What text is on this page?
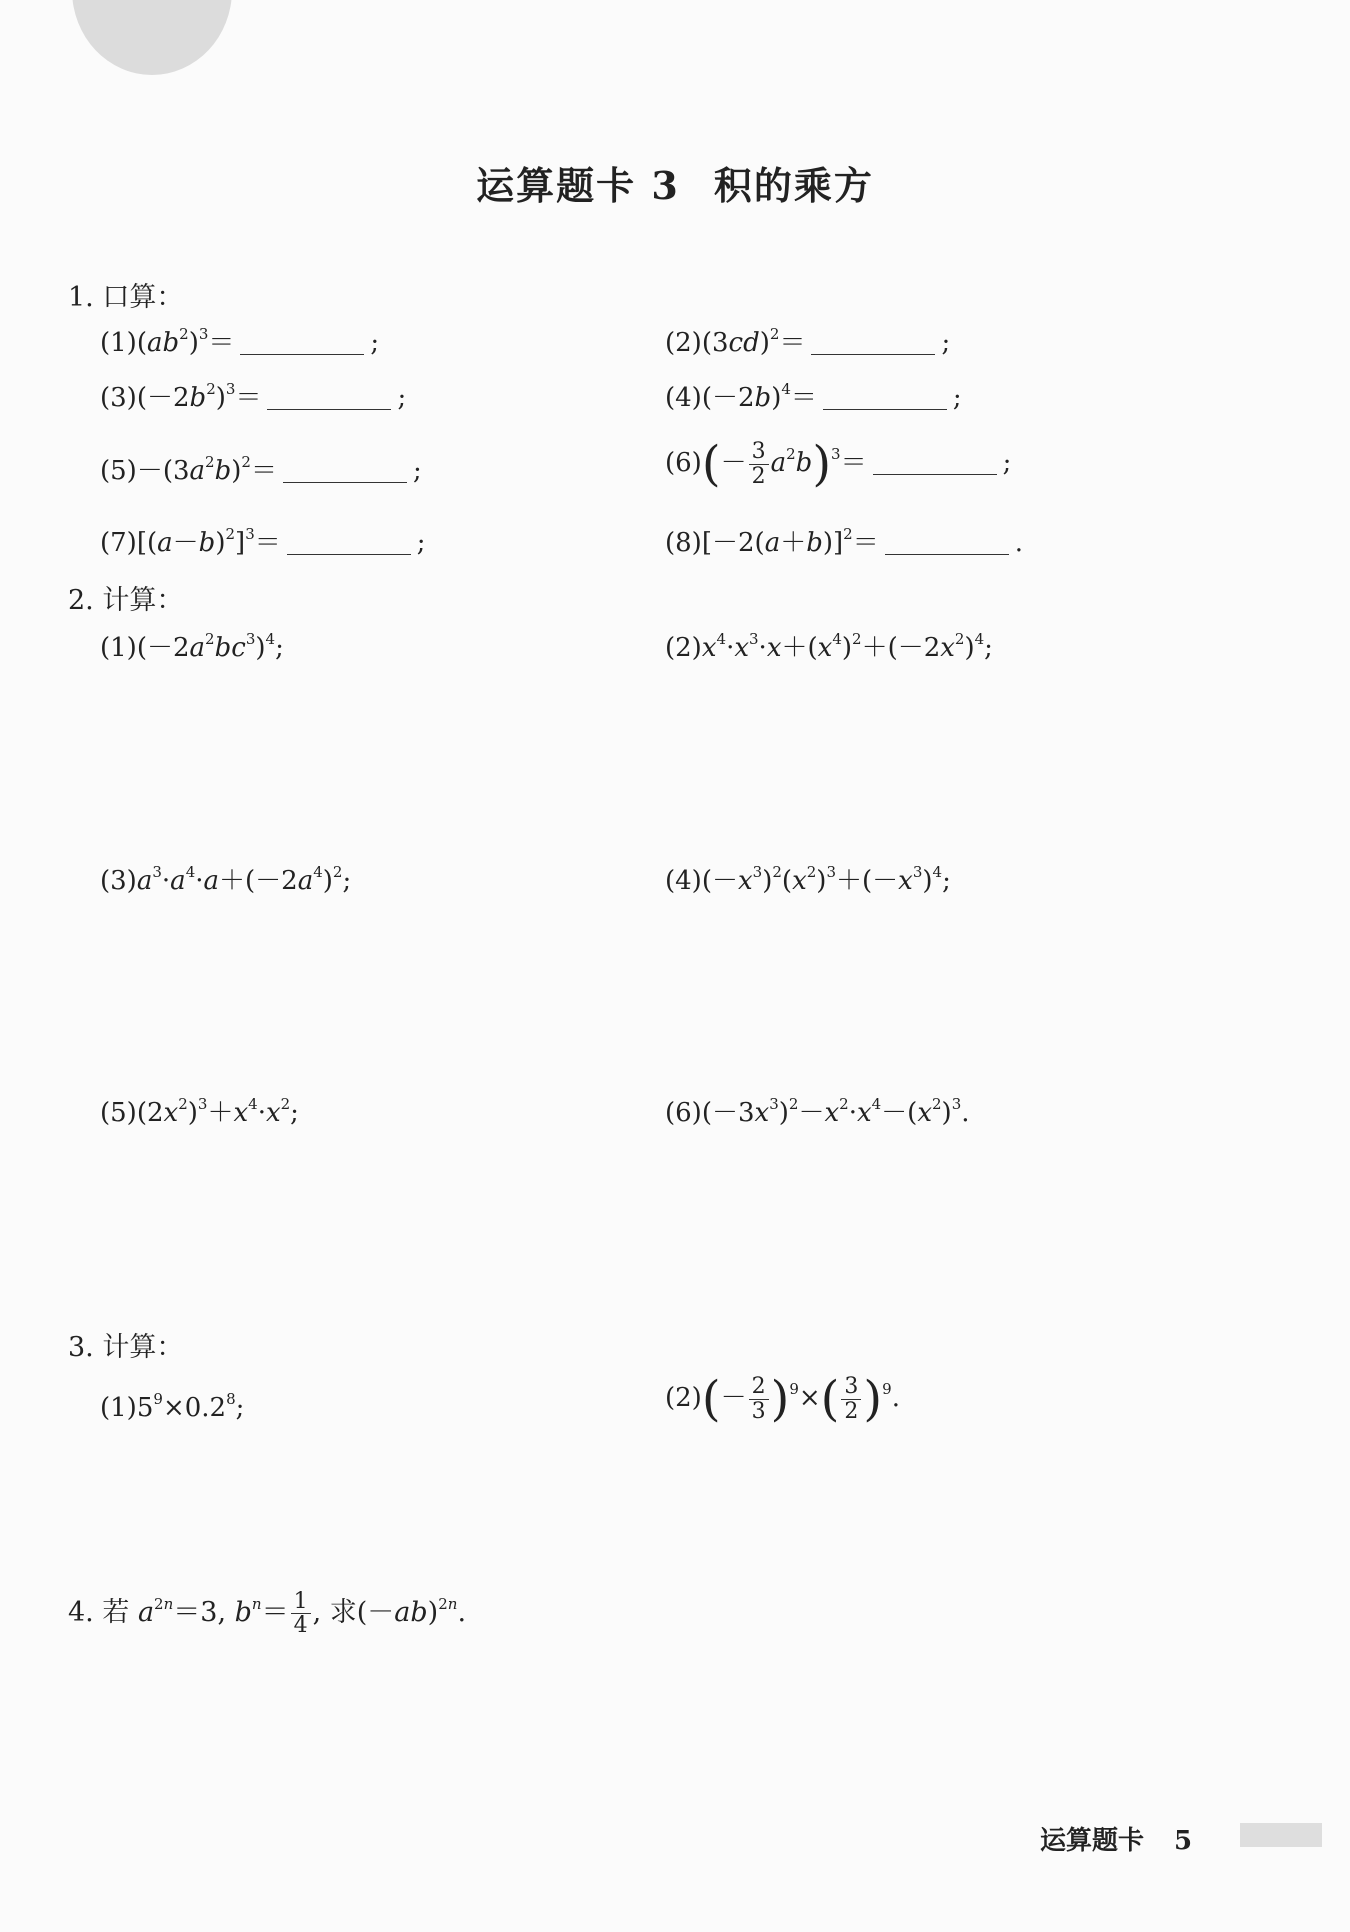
运算题卡 3 积的乘方
1. 口算：
$(1)(ab^2)^3=$	;	$(2)(3cd)^2=$	;
$(3)(-2b^2)^3=$	;	$(4)(-2b)^4=$	;
$(5)-(3a^2b)^2=$	;	$(6)(- \frac{3}{2} a^2b)^3=$	;
$(7)[(a-b)^2]^3=$	;	$(8)[-2(a+b)]^2=$	.
2. 计算：
$(1)(-2a^2bc^3)^4$;	$(2)x^4\cdot x^3\cdot x+(x^4)^2+(-2x^2)^4$;
$(3)a^3\cdot a^4\cdot a+(-2a^4)^2$;	$(4)(-x^3)^2(x^2)^3+(-x^3)^4$;
$(5)(2x^2)^3+x^4\cdot x^2$;	$(6)(-3x^3)^2-x^2\cdot x^4-(x^2)^3$.
3. 计算：
$(1)5^9\times 0.2^8$;	$(2)(- \frac{2}{3} )^9\times( \frac{3}{2} )^9$.
4. 若 $a^{2n}=3$, $b^n= \frac{1}{4}$ , 求$(-ab)^{2n}$.
运算题卡 5
